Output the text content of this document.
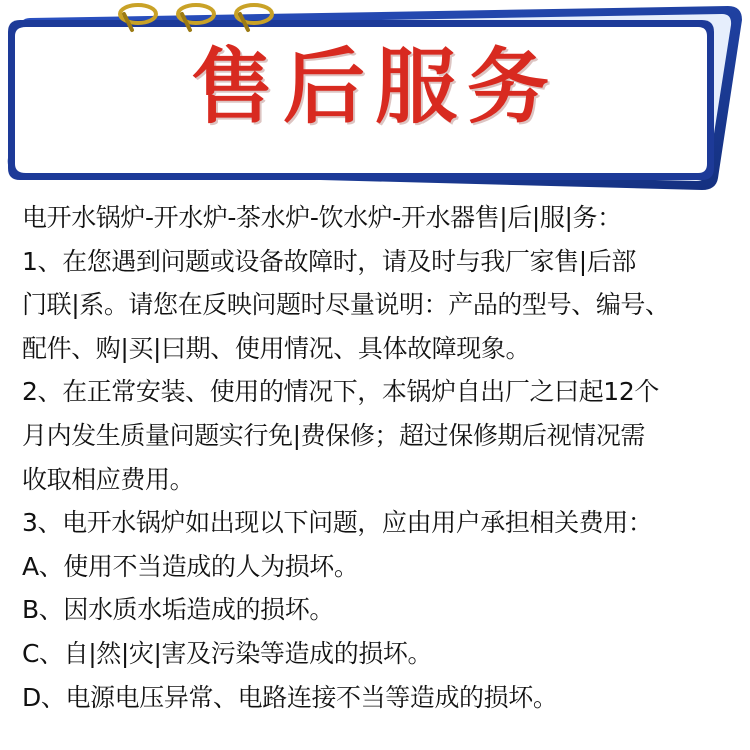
售后服务
电开水锅炉-开水炉-茶水炉-饮水炉-开水器售|后|服|务：
1、在您遇到问题或设备故障时，请及时与我厂家售|后部
门联|系。请您在反映问题时尽量说明：产品的型号、编号、
配件、购|买|曰期、使用情况、具体故障现象。
2、在正常安装、使用的情况下，本锅炉自出厂之曰起12个
月内发生质量问题实行免|费保修；超过保修期后视情况需
收取相应费用。
3、电开水锅炉如出现以下问题，应由用户承担相关费用：
A、使用不当造成的人为损坏。
B、因水质水垢造成的损坏。
C、自|然|灾|害及污染等造成的损坏。
D、电源电压异常、电路连接不当等造成的损坏。
